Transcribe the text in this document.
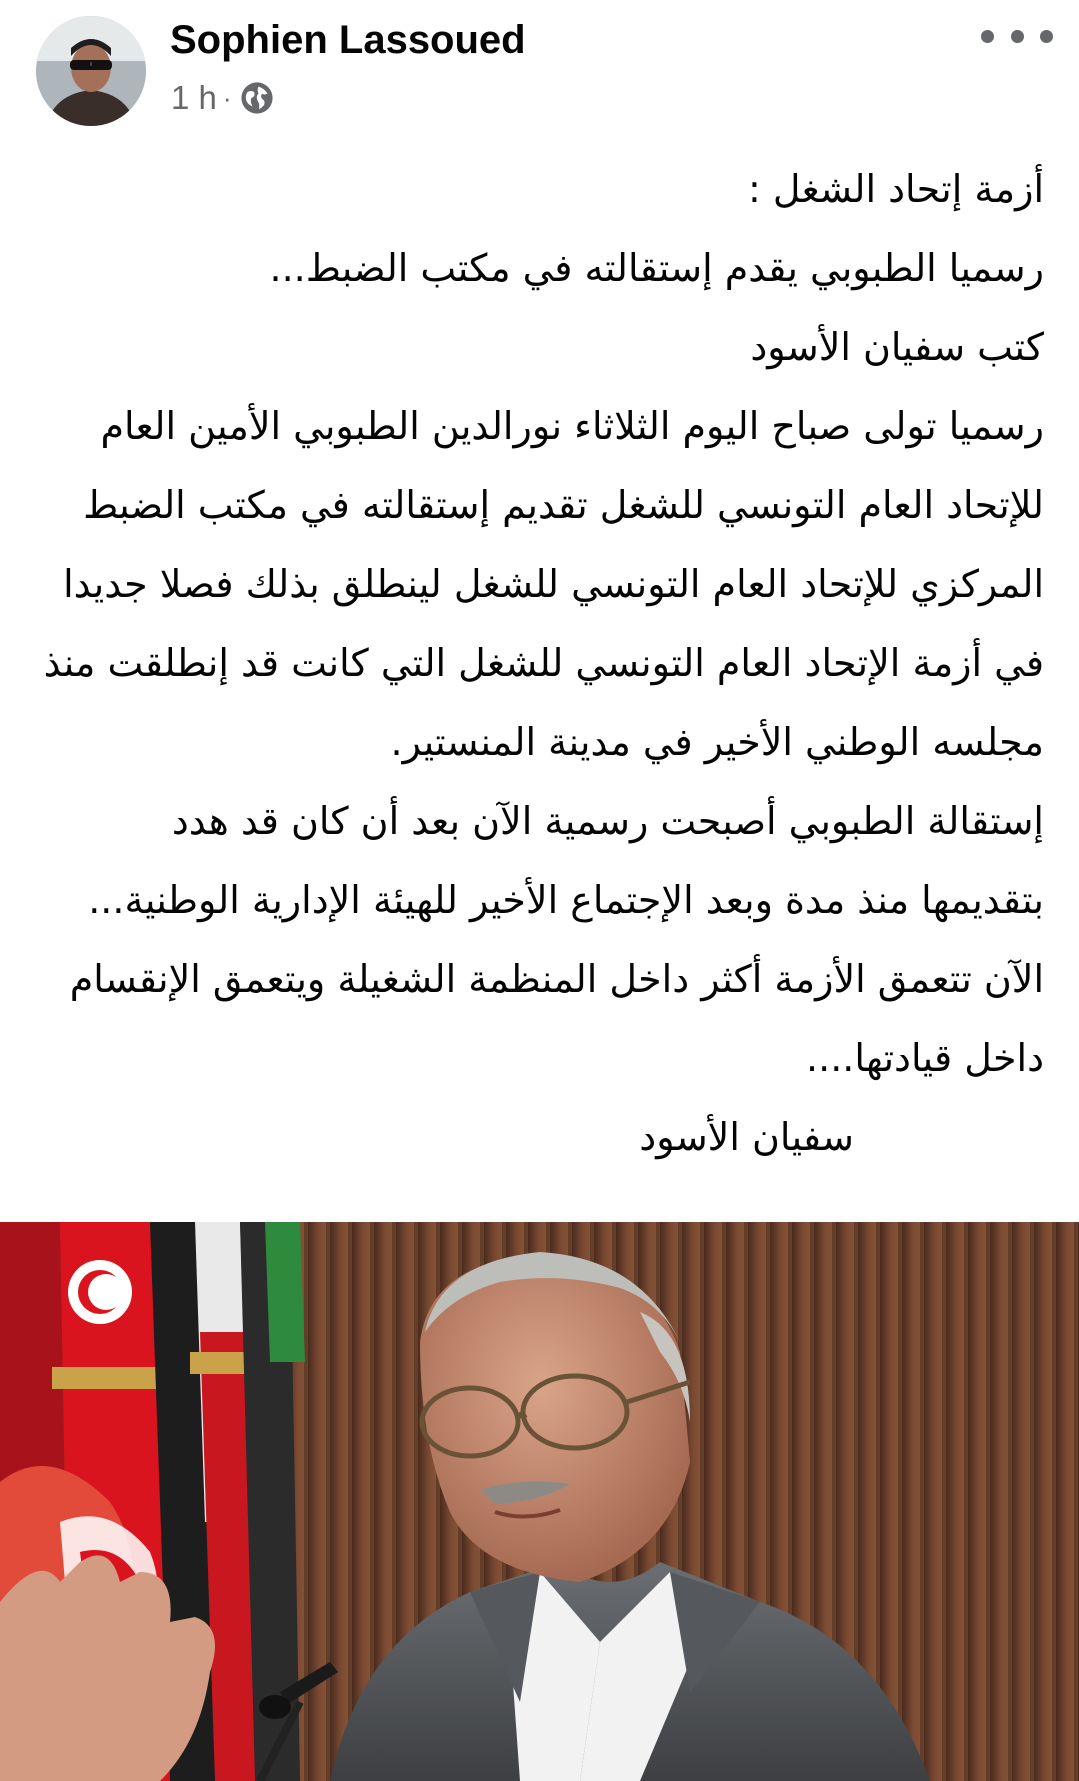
Sophien Lassoued
1 h ·
أزمة إتحاد الشغل :
رسميا الطبوبي يقدم إستقالته في مكتب الضبط...
كتب سفيان الأسود
رسميا تولى صباح اليوم الثلاثاء نورالدين الطبوبي الأمين العام
للإتحاد العام التونسي للشغل تقديم إستقالته في مكتب الضبط
المركزي للإتحاد العام التونسي للشغل لينطلق بذلك فصلا جديدا
في أزمة الإتحاد العام التونسي للشغل التي كانت قد إنطلقت منذ
مجلسه الوطني الأخير في مدينة المنستير.
إستقالة الطبوبي أصبحت رسمية الآن بعد أن كان قد هدد
بتقديمها منذ مدة وبعد الإجتماع الأخير للهيئة الإدارية الوطنية...
الآن تتعمق الأزمة أكثر داخل المنظمة الشغيلة ويتعمق الإنقسام
داخل قيادتها....
سفيان الأسود
